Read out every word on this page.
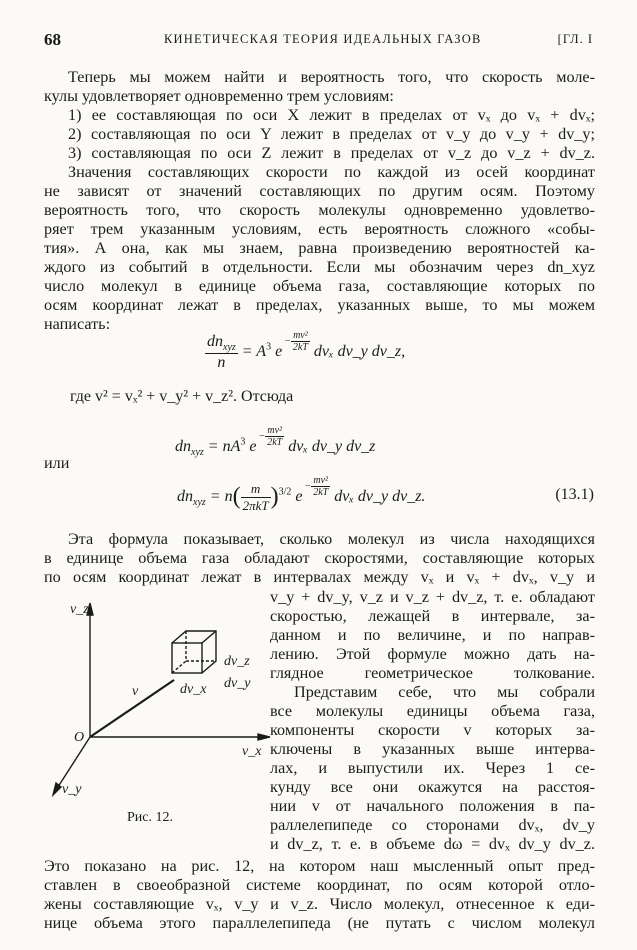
68	КИНЕТИЧЕСКАЯ ТЕОРИЯ ИДЕАЛЬНЫХ ГАЗОВ	[ГЛ. I
Теперь мы можем найти и вероятность того, что скорость моле-
кулы удовлетворяет одновременно трем условиям:
1) ее составляющая по оси X лежит в пределах от vₓ до vₓ + dvₓ;
2) составляющая по оси Y лежит в пределах от v_y до v_y + dv_y;
3) составляющая по оси Z лежит в пределах от v_z до v_z + dv_z.
Значения составляющих скорости по каждой из осей координат
не зависят от значений составляющих по другим осям. Поэтому
вероятность того, что скорость молекулы одновременно удовлетво-
ряет трем указанным условиям, есть вероятность сложного «собы-
тия». А она, как мы знаем, равна произведению вероятностей ка-
ждого из событий в отдельности. Если мы обозначим через dn_xyz
число молекул в единице объема газа, составляющие которых по
осям координат лежат в пределах, указанных выше, то мы можем
написать:
$\frac{dn_{xyz}}{n} = A^3$ $e- \frac{\text{mv²}}{2kT}$ dvₓ dv_y dv_z,
где v² = vₓ² + v_y² + v_z². Отсюда
$dn_{xyz} = nA^3$ $e- \frac{\text{mv²}}{2kT}$ dvₓ dv_y dv_z
или
$dn_{xyz} = n( \frac{m}{\text{2πkT}} )^{3/2}$ $e- \frac{\text{mv²}}{2kT}$ dvₓ dv_y dv_z.	(13.1)
Эта формула показывает, сколько молекул из числа находящихся
в единице объема газа обладают скоростями, составляющие которых
по осям координат лежат в интервалах между vₓ и vₓ + dvₓ, v_y и
v_z
v_x
v_y
O
v
dv_z
dv_y
dv_x
Рис. 12.
v_y + dv_y, v_z и v_z + dv_z, т. е. обладают
скоростью, лежащей в интервале, за-
данном и по величине, и по направ-
лению. Этой формуле можно дать на-
глядное геометрическое толкование.
Представим себе, что мы собрали
все молекулы единицы объема газа,
компоненты скорости v которых за-
ключены в указанных выше интерва-
лах, и выпустили их. Через 1 се-
кунду все они окажутся на расстоя-
нии v от начального положения в па-
раллелепипеде со сторонами dvₓ, dv_y
и dv_z, т. е. в объеме dω = dvₓ dv_y dv_z.
Это показано на рис. 12, на котором наш мысленный опыт пред-
ставлен в своеобразной системе координат, по осям которой отло-
жены составляющие vₓ, v_y и v_z. Число молекул, отнесенное к еди-
нице объема этого параллелепипеда (не путать с числом молекул
